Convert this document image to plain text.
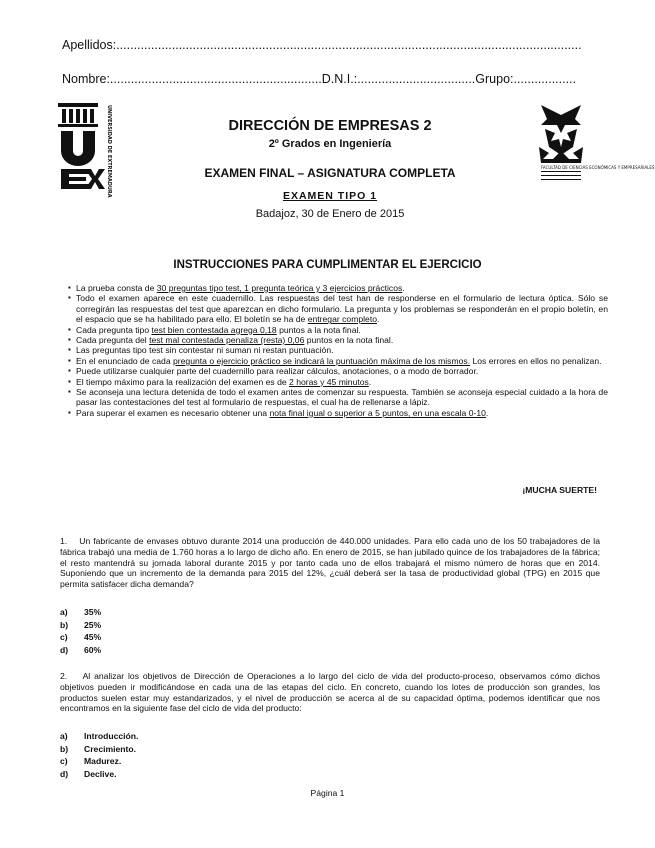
Apellidos:......................................................................................................................................
Nombre:.............................................................D.N.I.:..................................Grupo:..................
UNIVERSIDAD DE EXTREMADURA	DIRECCIÓN DE EMPRESAS 2
2º Grados en Ingeniería
EXAMEN FINAL – ASIGNATURA COMPLETA
EXAMEN TIPO 1
Badajoz, 30 de Enero de 2015
FACULTAD DE CIENCIAS ECONÓMICAS Y EMPRESARIALES
INSTRUCCIONES PARA CUMPLIMENTAR EL EJERCICIO
▪ La prueba consta de 30 preguntas tipo test, 1 pregunta teórica y 3 ejercicios prácticos.
▪ Todo el examen aparece en este cuadernillo. Las respuestas del test han de responderse en el formulario de lectura óptica. Sólo se corregirán las respuestas del test que aparezcan en dicho formulario. La pregunta y los problemas se responderán en el propio boletín, en el espacio que se ha habilitado para ello. El boletín se ha de entregar completo.
▪ Cada pregunta tipo test bien contestada agrega 0,18 puntos a la nota final.
▪ Cada pregunta del test mal contestada penaliza (resta) 0,06 puntos en la nota final.
▪ Las preguntas tipo test sin contestar ni suman ni restan puntuación.
▪ En el enunciado de cada pregunta o ejercicio práctico se indicará la puntuación máxima de los mismos. Los errores en ellos no penalizan.
▪ Puede utilizarse cualquier parte del cuadernillo para realizar cálculos, anotaciones, o a modo de borrador.
▪ El tiempo máximo para la realización del examen es de 2 horas y 45 minutos.
▪ Se aconseja una lectura detenida de todo el examen antes de comenzar su respuesta. También se aconseja especial cuidado a la hora de pasar las contestaciones del test al formulario de respuestas, el cual ha de rellenarse a lápiz.
▪ Para superar el examen es necesario obtener una nota final igual o superior a 5 puntos, en una escala 0-10.
¡MUCHA SUERTE!
1.    Un fabricante de envases obtuvo durante 2014 una producción de 440.000 unidades. Para ello cada uno de los 50 trabajadores de la fábrica trabajó una media de 1.760 horas a lo largo de dicho año. En enero de 2015, se han jubilado quince de los trabajadores de la fábrica; el resto mantendrá su jornada laboral durante 2015 y por tanto cada uno de ellos trabajará el mismo número de horas que en 2014. Suponiendo que un incremento de la demanda para 2015 del 12%, ¿cuál deberá ser la tasa de productividad global (TPG) en 2015 que permita satisfacer dicha demanda?
a) 35%
b) 25%
c) 45%
d) 60%
2.    Al analizar los objetivos de Dirección de Operaciones a lo largo del ciclo de vida del producto-proceso, observamos cómo dichos objetivos pueden ir modificándose en cada una de las etapas del ciclo. En concreto, cuando los lotes de producción son grandes, los productos suelen estar muy estandarizados, y el nivel de producción se acerca al de su capacidad óptima, podemos identificar que nos encontramos en la siguiente fase del ciclo de vida del producto:
a) Introducción.
b) Crecimiento.
c) Madurez.
d) Declive.
Página 1
